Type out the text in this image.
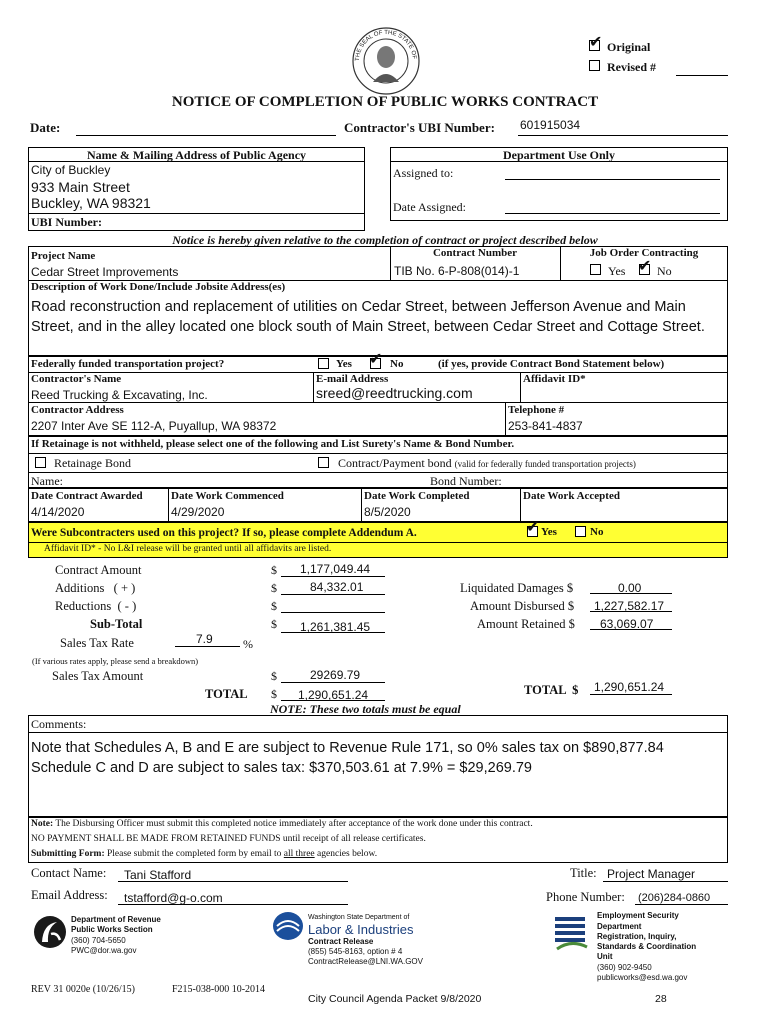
THE SEAL OF THE STATE OF
✔ Original
Revised #
NOTICE OF COMPLETION OF PUBLIC WORKS CONTRACT
Date:	Contractor's UBI Number: 601915034
Name & Mailing Address of Public Agency
City of Buckley
933 Main Street
Buckley, WA 98321
UBI Number:
Department Use Only
Assigned to:
Date Assigned:
Notice is hereby given relative to the completion of contract or project described below
Project Name
Cedar Street Improvements
Contract Number
TIB No. 6-P-808(014)-1
Job Order Contracting
Yes ✔ No
Description of Work Done/Include Jobsite Address(es)
Road reconstruction and replacement of utilities on Cedar Street, between Jefferson Avenue and Main Street, and in the alley located one block south of Main Street, between Cedar Street and Cottage Street.
Federally funded transportation project?	Yes ✔ No	(if yes, provide Contract Bond Statement below)
Contractor's Name
Reed Trucking & Excavating, Inc.
E-mail Address
sreed@reedtrucking.com
Affidavit ID*
Contractor Address
2207 Inter Ave SE 112-A, Puyallup, WA 98372
Telephone #
253-841-4837
If Retainage is not withheld, please select one of the following and List Surety's Name & Bond Number.
Retainage Bond	Contract/Payment bond (valid for federally funded transportation projects)
Name:	Bond Number:
Date Contract Awarded
4/14/2020
Date Work Commenced
4/29/2020
Date Work Completed
8/5/2020
Date Work Accepted
Were Subcontracters used on this project? If so, please complete Addendum A.	✔ Yes	No
Affidavit ID* - No L&I release will be granted until all affidavits are listed.
Contract Amount	$ 1,177,049.44
Additions   ( + )	$	84,332.01
Reductions  ( - )	$
Sub-Total	$ 1,261,381.45
Sales Tax Rate	7.9	%
(If various rates apply, please send a breakdown)
Sales Tax Amount	$	29269.79
TOTAL $ 1,290,651.24
NOTE: These two totals must be equal
Liquidated Damages $	0.00
Amount Disbursed $ 1,227,582.17
Amount Retained $ 63,069.07
TOTAL  $ 1,290,651.24
Comments:
Note that Schedules A, B and E are subject to Revenue Rule 171, so 0% sales tax on $890,877.84
Schedule C and D are subject to sales tax: $370,503.61 at 7.9% = $29,269.79
Note: The Disbursing Officer must submit this completed notice immediately after acceptance of the work done under this contract.
NO PAYMENT SHALL BE MADE FROM RETAINED FUNDS until receipt of all release certificates.
Submitting Form: Please submit the completed form by email to all three agencies below.
Contact Name: Tani Stafford	Title: Project Manager
Email Address: tstafford@g-o.com	Phone Number: (206)284-0860
Department of Revenue
Public Works Section
(360) 704-5650
PWC@dor.wa.gov
Washington State Department of
Labor & Industries
Contract Release
(855) 545-8163, option # 4
ContractRelease@LNI.WA.GOV
Employment Security
Department
Registration, Inquiry,
Standards & Coordination
Unit
(360) 902-9450
publicworks@esd.wa.gov
REV 31 0020e (10/26/15)	F215-038-000 10-2014
City Council Agenda Packet 9/8/2020	28
